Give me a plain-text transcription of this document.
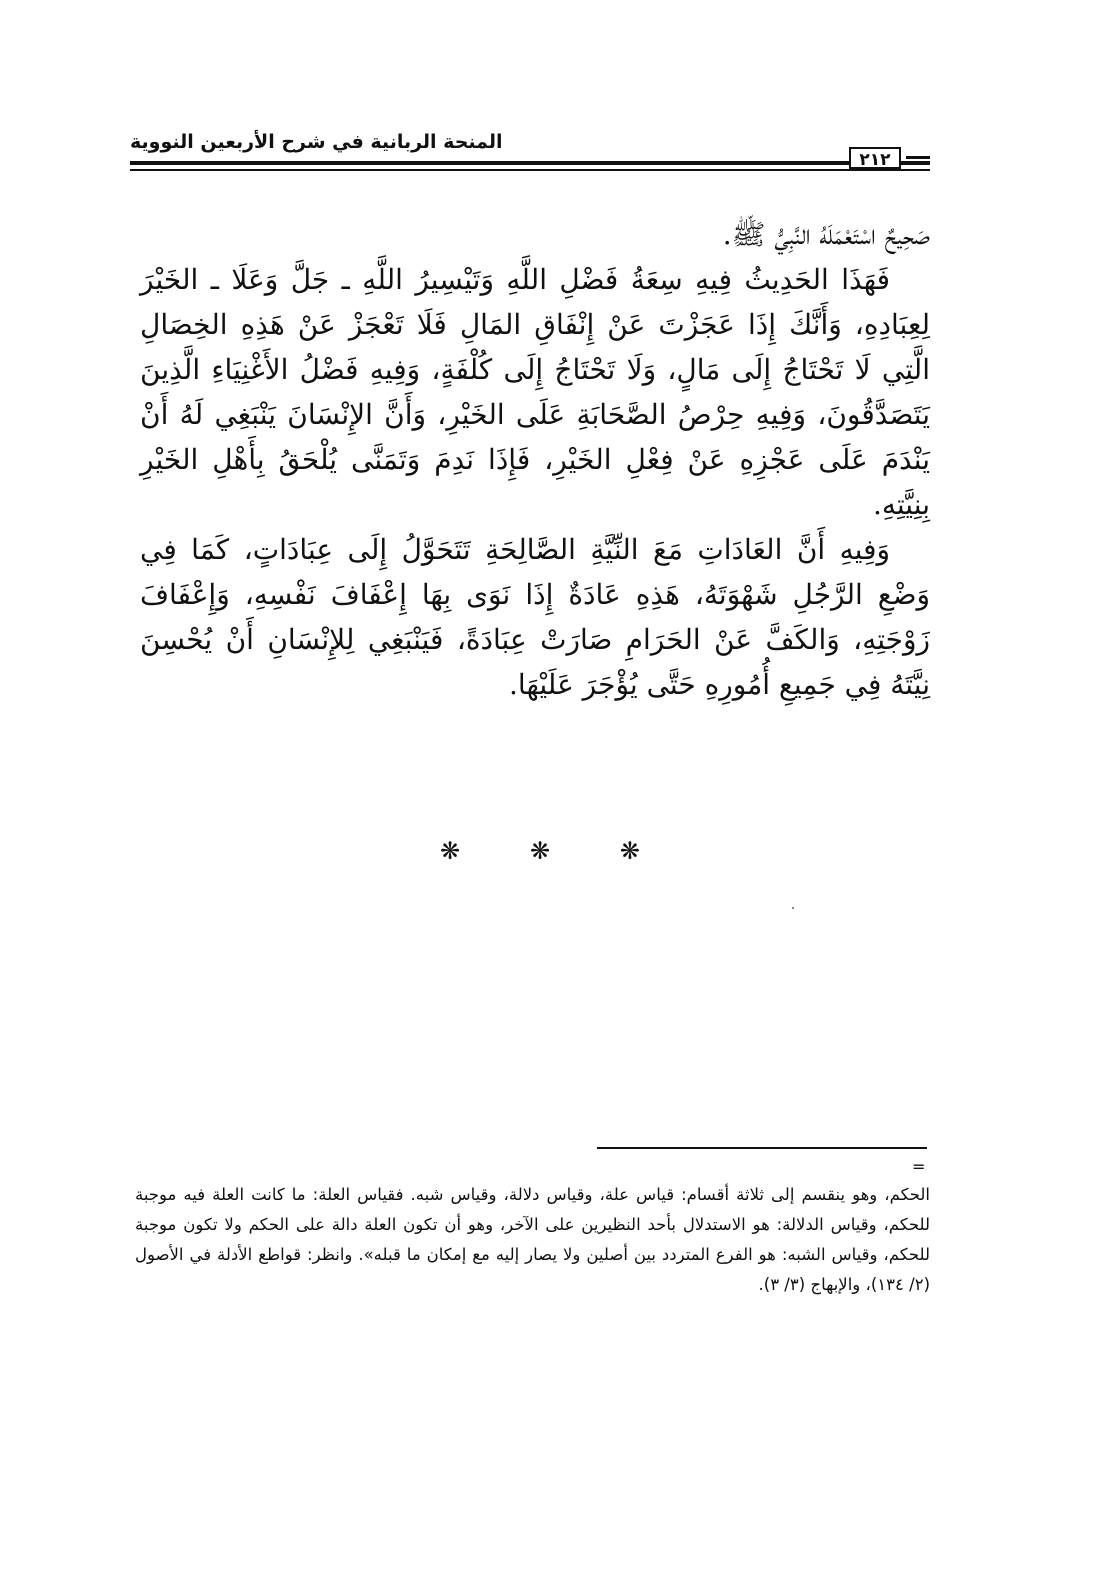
المنحة الربانية في شرح الأربعين النووية
٢١٢

صَحِيحٌ اسْتَعْمَلَهُ النَّبِيُّ ﷺ.

فَهَذَا الحَدِيثُ فِيهِ سِعَةُ فَضْلِ اللَّهِ وَتَيْسِيرُ اللَّهِ ـ جَلَّ وَعَلَا ـ الخَيْرَ لِعِبَادِهِ، وَأَنَّكَ إِذَا عَجَزْتَ عَنْ إِنْفَاقِ المَالِ فَلَا تَعْجَزْ عَنْ هَذِهِ الخِصَالِ الَّتِي لَا تَحْتَاجُ إِلَى مَالٍ، وَلَا تَحْتَاجُ إِلَى كُلْفَةٍ، وَفِيهِ فَضْلُ الأَغْنِيَاءِ الَّذِينَ يَتَصَدَّقُونَ، وَفِيهِ حِرْصُ الصَّحَابَةِ عَلَى الخَيْرِ، وَأَنَّ الإِنْسَانَ يَنْبَغِي لَهُ أَنْ يَنْدَمَ عَلَى عَجْزِهِ عَنْ فِعْلِ الخَيْرِ، فَإِذَا نَدِمَ وَتَمَنَّى يُلْحَقُ بِأَهْلِ الخَيْرِ بِنِيَّتِهِ.

وَفِيهِ أَنَّ العَادَاتِ مَعَ النِّيَّةِ الصَّالِحَةِ تَتَحَوَّلُ إِلَى عِبَادَاتٍ، كَمَا فِي وَضْعِ الرَّجُلِ شَهْوَتَهُ، هَذِهِ عَادَةٌ إِذَا نَوَى بِهَا إِعْفَافَ نَفْسِهِ، وَإِعْفَافَ زَوْجَتِهِ، وَالكَفَّ عَنْ الحَرَامِ صَارَتْ عِبَادَةً، فَيَنْبَغِي لِلإِنْسَانِ أَنْ يُحْسِنَ نِيَّتَهُ فِي جَمِيعِ أُمُورِهِ حَتَّى يُؤْجَرَ عَلَيْهَا.

❋	❋	❋
=

الحكم، وهو ينقسم إلى ثلاثة أقسام: قياس علة، وقياس دلالة، وقياس شبه. فقياس العلة: ما كانت العلة فيه موجبة للحكم، وقياس الدلالة: هو الاستدلال بأحد النظيرين على الآخر، وهو أن تكون العلة دالة على الحكم ولا تكون موجبة للحكم، وقياس الشبه: هو الفرع المتردد بين أصلين ولا يصار إليه مع إمكان ما قبله». وانظر: قواطع الأدلة في الأصول (٢/ ١٣٤)، والإبهاج (٣/ ٣).
